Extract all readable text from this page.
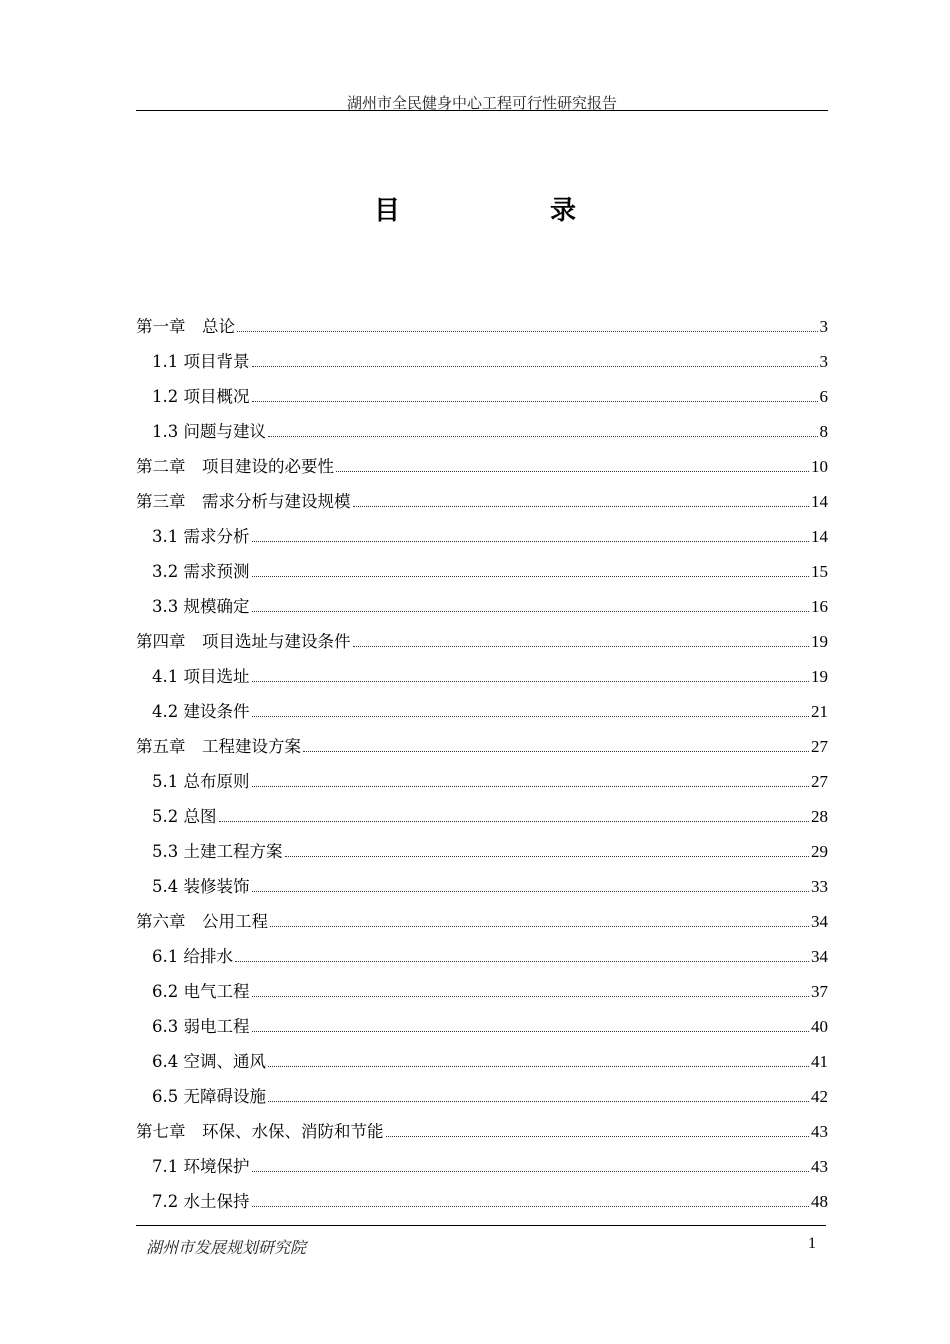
湖州市全民健身中心工程可行性研究报告
目	录
第一章　总论	3
1.1 项目背景	3
1.2 项目概况	6
1.3 问题与建议	8
第二章　项目建设的必要性	10
第三章　需求分析与建设规模	14
3.1 需求分析	14
3.2 需求预测	15
3.3 规模确定	16
第四章　项目选址与建设条件	19
4.1 项目选址	19
4.2 建设条件	21
第五章　工程建设方案	27
5.1 总布原则	27
5.2 总图	28
5.3 土建工程方案	29
5.4 装修装饰	33
第六章　公用工程	34
6.1 给排水	34
6.2 电气工程	37
6.3 弱电工程	40
6.4 空调、通风	41
6.5 无障碍设施	42
第七章　环保、水保、消防和节能	43
7.1 环境保护	43
7.2 水土保持	48
湖州市发展规划研究院	1
